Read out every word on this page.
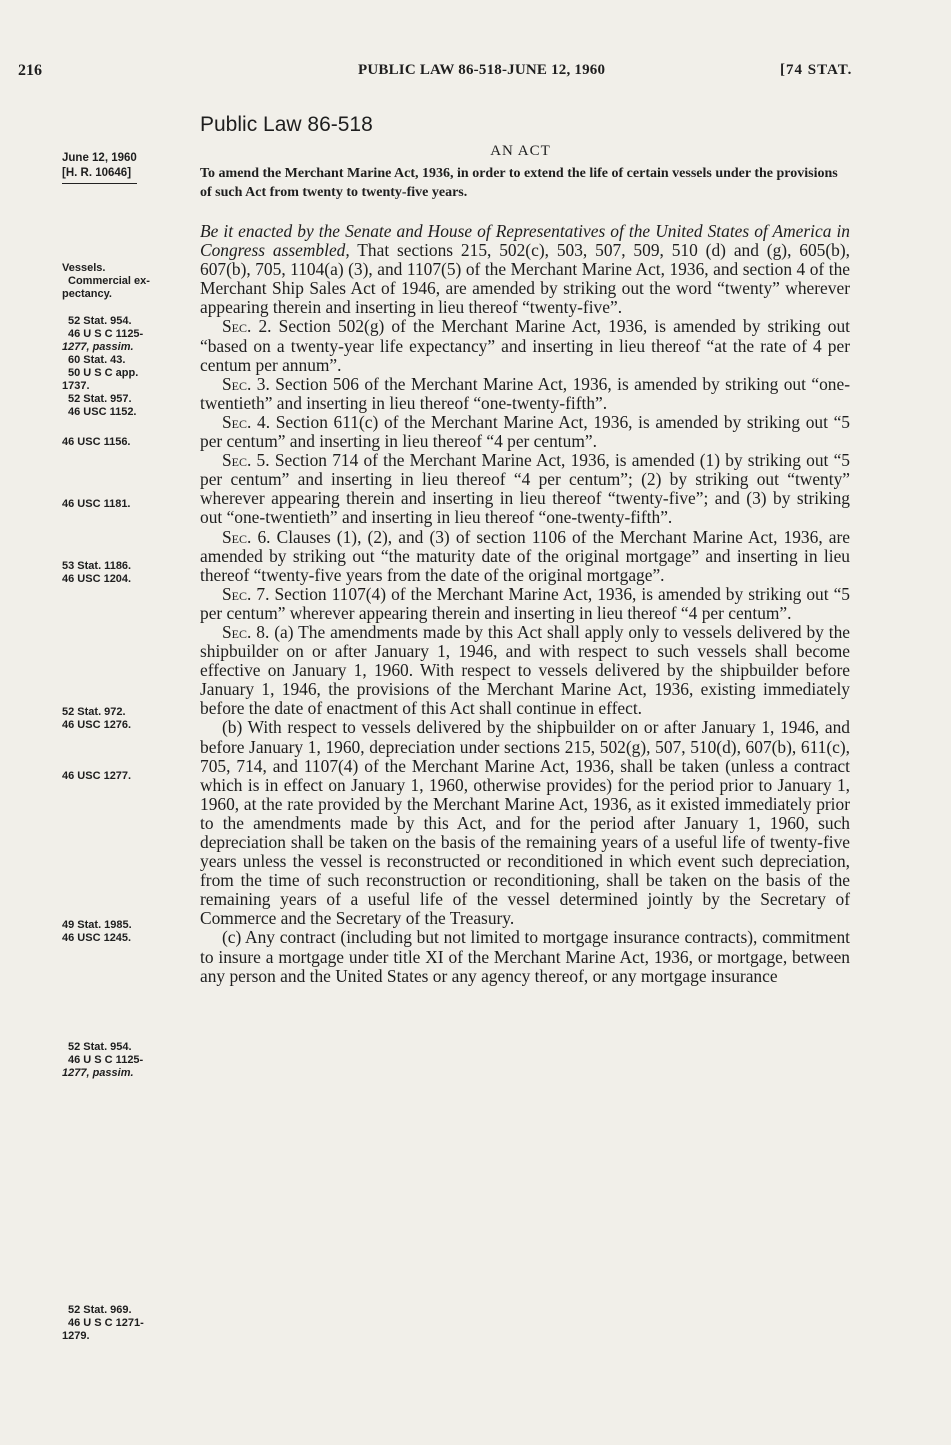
216	PUBLIC LAW 86-518-JUNE 12, 1960	[74 STAT.
Public Law 86-518
AN ACT
June 12, 1960
[H. R. 10646]	To amend the Merchant Marine Act, 1936, in order to extend the life of certain vessels under the provisions of such Act from twenty to twenty-five years.
Vessels.
Commercial ex-
pectancy.
52 Stat. 954.
46 U S C 1125-
1277, passim.
60 Stat. 43.
50 U S C app.
1737.
52 Stat. 957.
46 USC 1152.
46 USC 1156.
46 USC 1181.
53 Stat. 1186.
46 USC 1204.
52 Stat. 972.
46 USC 1276.
46 USC 1277.
49 Stat. 1985.
46 USC 1245.
52 Stat. 954.
46 U S C 1125-
1277, passim.
52 Stat. 969.
46 U S C 1271-
1279.

Be it enacted by the Senate and House of Representatives of the United States of America in Congress assembled, That sections 215, 502(c), 503, 507, 509, 510 (d) and (g), 605(b), 607(b), 705, 1104(a) (3), and 1107(5) of the Merchant Marine Act, 1936, and section 4 of the Merchant Ship Sales Act of 1946, are amended by striking out the word “twenty” wherever appearing therein and inserting in lieu thereof “twenty-five”.

Sec. 2. Section 502(g) of the Merchant Marine Act, 1936, is amended by striking out “based on a twenty-year life expectancy” and inserting in lieu thereof “at the rate of 4 per centum per annum”.

Sec. 3. Section 506 of the Merchant Marine Act, 1936, is amended by striking out “one-twentieth” and inserting in lieu thereof “one-twenty-fifth”.

Sec. 4. Section 611(c) of the Merchant Marine Act, 1936, is amended by striking out “5 per centum” and inserting in lieu thereof “4 per centum”.

Sec. 5. Section 714 of the Merchant Marine Act, 1936, is amended (1) by striking out “5 per centum” and inserting in lieu thereof “4 per centum”; (2) by striking out “twenty” wherever appearing therein and inserting in lieu thereof “twenty-five”; and (3) by striking out “one-twentieth” and inserting in lieu thereof “one-twenty-fifth”.

Sec. 6. Clauses (1), (2), and (3) of section 1106 of the Merchant Marine Act, 1936, are amended by striking out “the maturity date of the original mortgage” and inserting in lieu thereof “twenty-five years from the date of the original mortgage”.

Sec. 7. Section 1107(4) of the Merchant Marine Act, 1936, is amended by striking out “5 per centum” wherever appearing therein and inserting in lieu thereof “4 per centum”.

Sec. 8. (a) The amendments made by this Act shall apply only to vessels delivered by the shipbuilder on or after January 1, 1946, and with respect to such vessels shall become effective on January 1, 1960. With respect to vessels delivered by the shipbuilder before January 1, 1946, the provisions of the Merchant Marine Act, 1936, existing immediately before the date of enactment of this Act shall continue in effect.

(b) With respect to vessels delivered by the shipbuilder on or after January 1, 1946, and before January 1, 1960, depreciation under sections 215, 502(g), 507, 510(d), 607(b), 611(c), 705, 714, and 1107(4) of the Merchant Marine Act, 1936, shall be taken (unless a contract which is in effect on January 1, 1960, otherwise provides) for the period prior to January 1, 1960, at the rate provided by the Merchant Marine Act, 1936, as it existed immediately prior to the amendments made by this Act, and for the period after January 1, 1960, such depreciation shall be taken on the basis of the remaining years of a useful life of twenty-five years unless the vessel is reconstructed or reconditioned in which event such depreciation, from the time of such reconstruction or reconditioning, shall be taken on the basis of the remaining years of a useful life of the vessel determined jointly by the Secretary of Commerce and the Secretary of the Treasury.

(c) Any contract (including but not limited to mortgage insurance contracts), commitment to insure a mortgage under title XI of the Merchant Marine Act, 1936, or mortgage, between any person and the United States or any agency thereof, or any mortgage insurance
